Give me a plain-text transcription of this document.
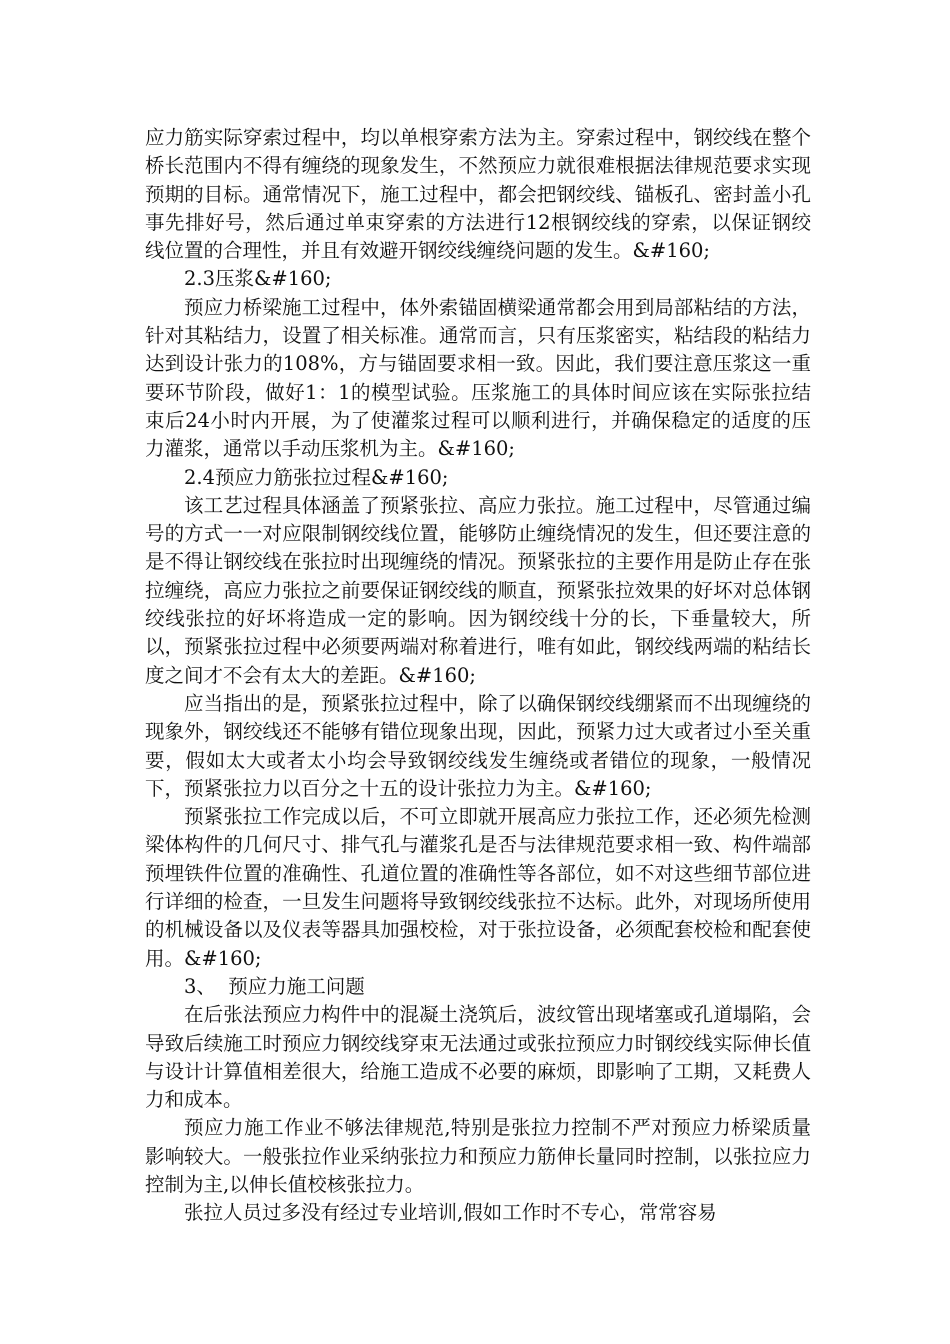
应力筋实际穿索过程中，均以单根穿索方法为主。穿索过程中，钢绞线在整个桥长范围内不得有缠绕的现象发生，不然预应力就很难根据法律规范要求实现预期的目标。通常情况下，施工过程中，都会把钢绞线、锚板孔、密封盖小孔事先排好号，然后通过单束穿索的方法进行12根钢绞线的穿索，以保证钢绞线位置的合理性，并且有效避开钢绞线缠绕问题的发生。&#160;

2.3压浆&#160;

预应力桥梁施工过程中，体外索锚固横梁通常都会用到局部粘结的方法，针对其粘结力，设置了相关标准。通常而言，只有压浆密实，粘结段的粘结力达到设计张力的108%，方与锚固要求相一致。因此，我们要注意压浆这一重要环节阶段，做好1：1的模型试验。压浆施工的具体时间应该在实际张拉结束后24小时内开展，为了使灌浆过程可以顺利进行，并确保稳定的适度的压力灌浆，通常以手动压浆机为主。&#160;

2.4预应力筋张拉过程&#160;

该工艺过程具体涵盖了预紧张拉、高应力张拉。施工过程中，尽管通过编号的方式一一对应限制钢绞线位置，能够防止缠绕情况的发生，但还要注意的是不得让钢绞线在张拉时出现缠绕的情况。预紧张拉的主要作用是防止存在张拉缠绕，高应力张拉之前要保证钢绞线的顺直，预紧张拉效果的好坏对总体钢绞线张拉的好坏将造成一定的影响。因为钢绞线十分的长，下垂量较大，所以，预紧张拉过程中必须要两端对称着进行，唯有如此，钢绞线两端的粘结长度之间才不会有太大的差距。&#160;

应当指出的是，预紧张拉过程中，除了以确保钢绞线绷紧而不出现缠绕的现象外，钢绞线还不能够有错位现象出现，因此，预紧力过大或者过小至关重要，假如太大或者太小均会导致钢绞线发生缠绕或者错位的现象，一般情况下，预紧张拉力以百分之十五的设计张拉力为主。&#160;

预紧张拉工作完成以后，不可立即就开展高应力张拉工作，还必须先检测梁体构件的几何尺寸、排气孔与灌浆孔是否与法律规范要求相一致、构件端部预埋铁件位置的准确性、孔道位置的准确性等各部位，如不对这些细节部位进行详细的检查，一旦发生问题将导致钢绞线张拉不达标。此外，对现场所使用的机械设备以及仪表等器具加强校检，对于张拉设备，必须配套校检和配套使用。&#160;

3、  预应力施工问题

在后张法预应力构件中的混凝土浇筑后，波纹管出现堵塞或孔道塌陷，会导致后续施工时预应力钢绞线穿束无法通过或张拉预应力时钢绞线实际伸长值与设计计算值相差很大，给施工造成不必要的麻烦，即影响了工期，又耗费人力和成本。

预应力施工作业不够法律规范,特别是张拉力控制不严对预应力桥梁质量影响较大。一般张拉作业采纳张拉力和预应力筋伸长量同时控制，以张拉应力控制为主,以伸长值校核张拉力。

张拉人员过多没有经过专业培训,假如工作时不专心，常常容易
